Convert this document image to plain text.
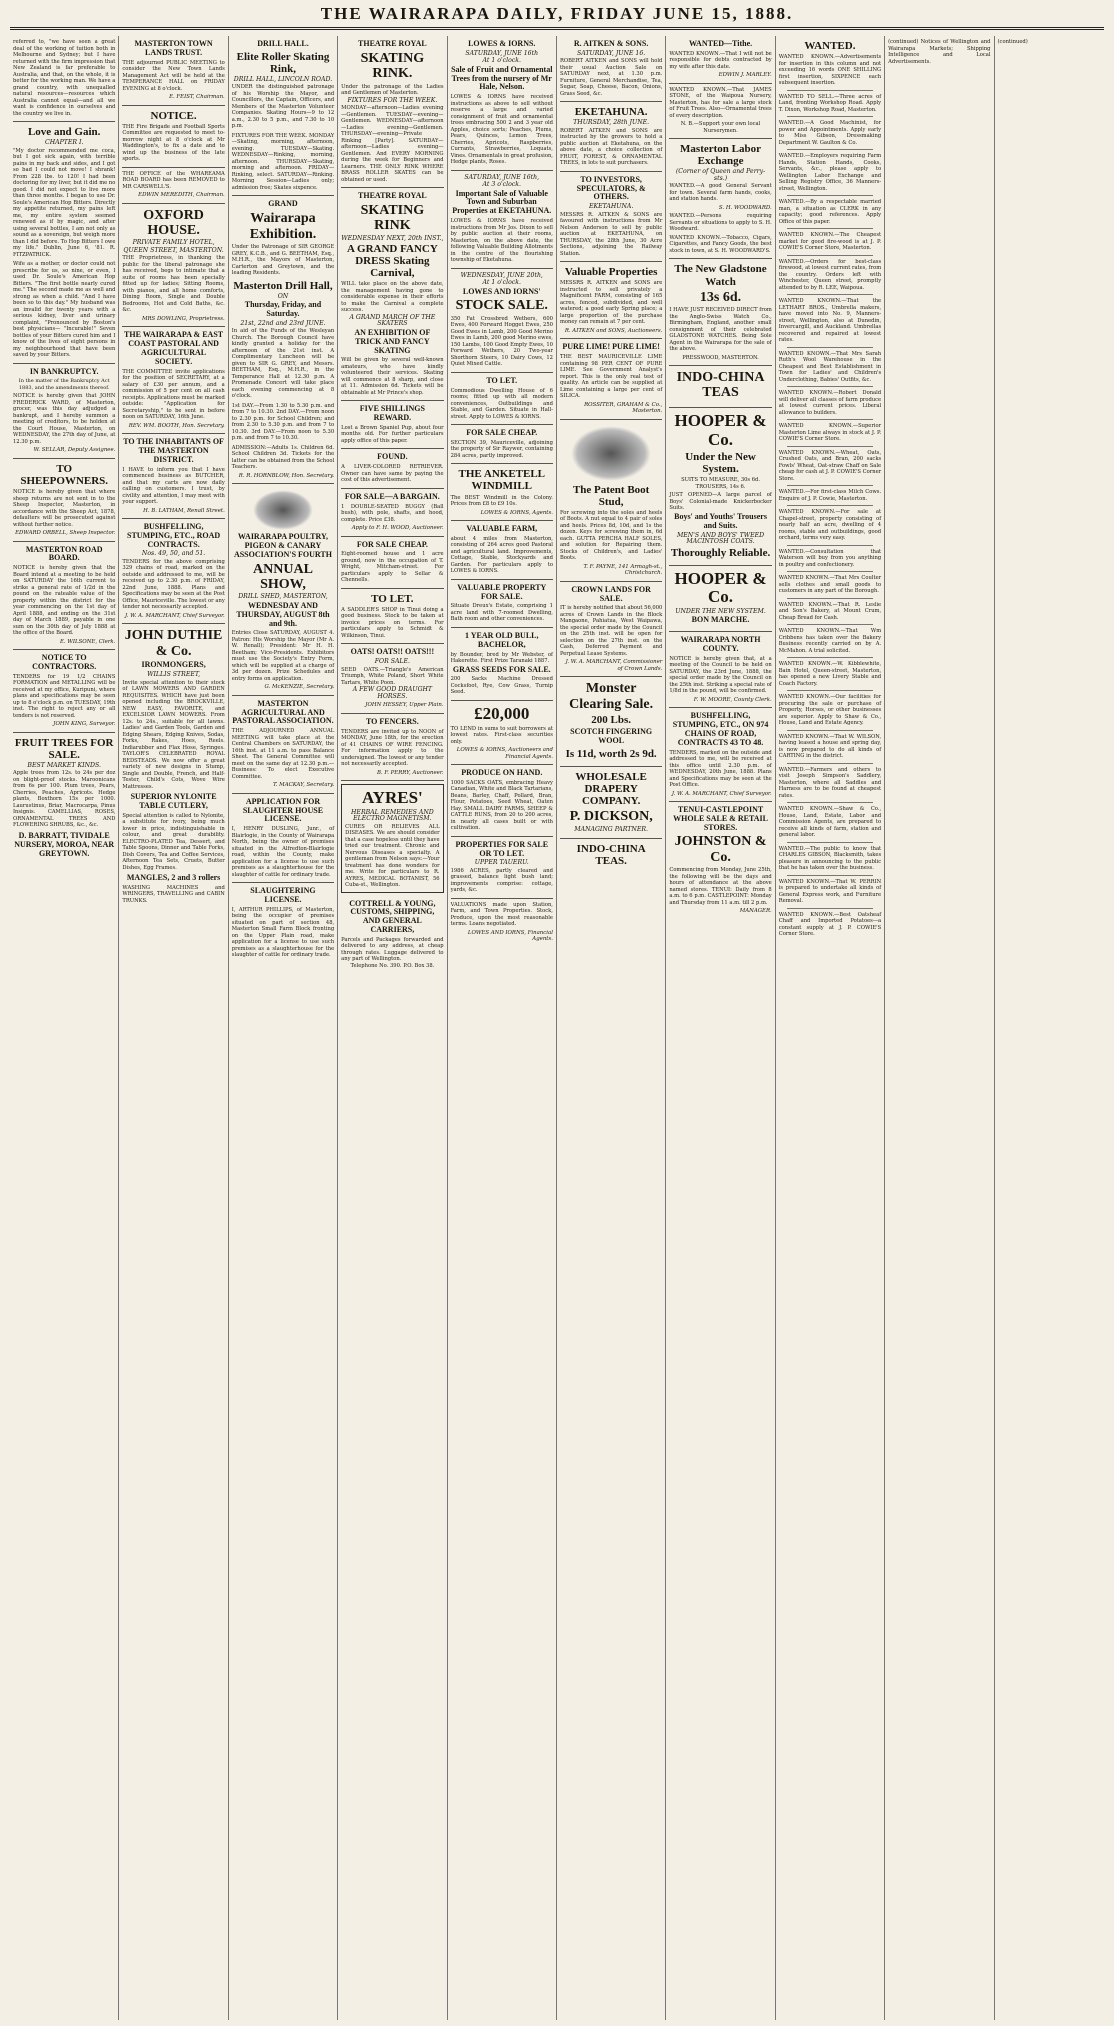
THE WAIRARAPA DAILY, FRIDAY JUNE 15, 1888.
referred to, "we have seen a great deal of the working of tuition both in Melbourne and Sydney; but I have returned with the firm impression that New Zealand is far preferable to Australia, and that, on the whole, it is better for the working man. We have a grand country, with unequalled natural resources—resources which Australia cannot equal—and all we want is confidence in ourselves and the country we live in.
Love and Gain.
CHAPTER I.
"My doctor recommended me coca, but I got sick again, with terrible pains in my back and sides, and I got so bad I could not move! I shrank! From 228 lbs. to 120! I had been doctoring for my liver, but it did me no good. I did not expect to live more than three months. I began to use Dr. Soule's American Hop Bitters. Directly my appetite returned, my pains left me, my entire system seemed renewed as if by magic, and after using several bottles, I am not only as sound as a sovereign, but weigh more than I did before. To Hop Bitters I owe my life." Dublin, June 6, '81. R. FITZPATRICK.
Wife as a mother, or doctor could not prescribe for us, so nine, or even, I used Dr. Soule's American Hop Bitters. "The first bottle nearly cured me." The second made me as well and strong as when a child. "And I have been so to this day." My husband was an invalid for twenty years with a serious kidney, liver and urinary complaint, "Pronounced by Boston's best physicians— "Incurable!" Seven bottles of your Bitters cured him and I know of the lives of eight persons in my neighbourhood that have been saved by your Bitters.
IN BANKRUPTCY.
In the matter of the Bankruptcy Act 1883, and the amendments thereof.
NOTICE is hereby given that JOHN FREDERICK WARD, of Masterton, grocer, was this day adjudged a bankrupt, and I hereby summon a meeting of creditors, to be holden at the Court House, Masterton, on WEDNESDAY, the 27th day of June, at 12.30 p.m.
W. SELLAR, Deputy Assignee.
TO SHEEPOWNERS.
NOTICE is hereby given that where sheep returns are not sent in to the Sheep Inspector, Masterton, in accordance with the Sheep Act, 1878, defaulters will be prosecuted against without further notice.
EDWARD ORBELL, Sheep Inspector.
MASTERTON ROAD BOARD.
NOTICE is hereby given that the Board intend at a meeting to be held on SATURDAY the 16th current to strike a general rate of 1/2d in the pound on the rateable value of the property within the district for the year commencing on the 1st day of April 1888, and ending on the 31st day of March 1889, payable in one sum on the 30th day of July 1888 at the office of the Board.
E. WILSONE, Clerk.
NOTICE TO CONTRACTORS.
TENDERS for 19 1/2 CHAINS FORMATION and METALLING will be received at my office, Kuripuni, where plans and specifications may be seen up to 8 o'clock p.m. on TUESDAY, 19th inst. The right to reject any or all tenders is not reserved.
JOHN KING, Surveyor.
FRUIT TREES FOR SALE.
BEST MARKET KINDS.
Apple trees from 12s. to 24s per doz on blight-proof stocks. Maroonicans from 6s per 100. Plum trees, Pears, Cherries, Peaches, Apricots. Hedge plants, Boxthorn 15s per 1000. Laurustinus, Briar, Macrocarpa, Pinus Insignis. CAMELLIAS, ROSES, ORNAMENTAL TREES AND FLOWERING SHRUBS, &c., &c.
D. BARRATT, TIVIDALE NURSERY, MOROA, NEAR GREYTOWN.
MASTERTON TOWN LANDS TRUST.
THE adjourned PUBLIC MEETING to consider the New Town Lands Management Act will be held at the TEMPERANCE HALL on FRIDAY EVENING at 8 o'clock.
E. FEIST, Chairman.
NOTICE.
THE Fire Brigade and Football Sports Committee are requested to meet to-morrow night at 8 o'clock at Mr Waddington's, to fix a date and to wind up the business of the late sports.
THE OFFICE of the WHAREAMA ROAD BOARD has been REMOVED to MR CARSWELL'S.
EDWIN MEREDITH, Chairman.
OXFORD HOUSE.
PRIVATE FAMILY HOTEL,
QUEEN STREET, MASTERTON.
THE Proprietress, in thanking the public for the liberal patronage she has received, begs to intimate that a suite of rooms has been specially fitted up for ladies; Sitting Rooms, with pianos, and all home comforts, Dining Room, Single and Double Bedrooms, Hot and Cold Baths, &c. &c.
MRS DOWLING, Proprietress.
THE WAIRARAPA & EAST COAST PASTORAL AND AGRICULTURAL SOCIETY.
THE COMMITTEE invite applications for the position of SECRETARY, at a salary of £30 per annum, and a commission of 5 per cent on all cash receipts. Applications must be marked outside: "Application for Secretaryship," to be sent in before noon on SATURDAY, 16th June.
REV. WM. BOOTH, Hon. Secretary.
TO THE INHABITANTS OF THE MASTERTON DISTRICT.
I HAVE to inform you that I have commenced business as BUTCHER, and that my carts are now daily calling on customers. I trust, by civility and attention, I may meet with your support.
H. B. LATHAM, Renall Street.
BUSHFELLING, STUMPING, ETC., ROAD CONTRACTS.
Nos. 49, 50, and 51.
TENDERS for the above comprising 329 chains of road, marked on the outside and addressed to me, will be received up to 2.30 p.m. of FRIDAY, 22nd June, 1888. Plans and Specifications may be seen at the Post Office, Mauriceville. The lowest or any tender not necessarily accepted.
J. W. A. MARCHANT, Chief Surveyor.
JOHN DUTHIE & Co.
IRONMONGERS,
WILLIS STREET,
Invite special attention to their stock of LAWN MOWERS AND GARDEN REQUISITES. WHICH have just been opened including the BROCKVILLE, NEW EASY, FAVORITE, and EXCELSIOR LAWN MOWERS. From 12s. to 24s., suitable for all lawns. Ladies' and Garden Tools, Garden and Edging Shears, Edging Knives, Sodas, Forks, Rakes, Hoes, Reels. Indiarubber and Flax Hose, Syringes. TAYLOR'S CELEBRATED ROYAL BEDSTEADS. We now offer a great variety of new designs in Stump, Single and Double, French, and Half-Tester, Child's Cots, Wove Wire Mattresses.
SUPERIOR NYLONITE TABLE CUTLERY,
Special attention is called to Nylonite, a substitute for ivory, being much lower in price, indistinguishable in colour, and great durability. ELECTRO-PLATED Tea, Dessert, and Table Spoons, Dinner and Table Forks, Dish Covers, Tea and Coffee Services, Afternoon Tea Sets, Cruets, Butter Dishes, Egg Frames.
MANGLES, 2 and 3 rollers
WASHING MACHINES and WRINGERS, TRAVELLING and CABIN TRUNKS.
DRILL HALL.
Elite Roller Skating Rink,
DRILL HALL, LINCOLN ROAD.
UNDER the distinguished patronage of his Worship the Mayor, and Councillors, the Captain, Officers, and Members of the Masterton Volunteer Companies. Skating Hours—9 to 12 a.m., 2.30 to 5 p.m., and 7.30 to 10 p.m.
FIXTURES FOR THE WEEK. MONDAY—Skating, morning, afternoon, evening. TUESDAY—Skating. WEDNESDAY—Rinking, morning, afternoon. THURSDAY—Skating, morning and afternoon. FRIDAY—Rinking, select. SATURDAY—Rinking. Morning Session—Ladies only; admission free; Skates sixpence.
GRAND
Wairarapa Exhibition.
Under the Patronage of SIR GEORGE GREY, K.C.B., and G. BEETHAM, Esq., M.H.R., the Mayors of Masterton, Carterton and Greytown, and the leading Residents.
Masterton Drill Hall,
ON
Thursday, Friday, and Saturday.
21st, 22nd and 23rd JUNE.
In aid of the Funds of the Wesleyan Church. The Borough Council have kindly granted a holiday for the afternoon of the 21st inst. A Complimentary Luncheon will be given to SIR G. GREY, and Messrs. BEETHAM, Esq., M.H.R., in the Temperance Hall at 12.30 p.m. A Promenade Concert will take place each evening commencing at 8 o'clock.
1st DAY.—From 1.30 to 5.30 p.m. and from 7 to 10.30. 2nd DAY.—From noon to 2.30 p.m. for School Children; and from 2.30 to 5.30 p.m. and from 7 to 10.30. 3rd DAY.—From noon to 5.30 p.m. and from 7 to 10.30.
ADMISSION:—Adults 1s. Children 6d. School Children 3d. Tickets for the latter can be obtained from the School Teachers.
R. R. HORNBLOW, Hon. Secretary.
WAIRARAPA POULTRY, PIGEON & CANARY ASSOCIATION'S FOURTH
ANNUAL SHOW,
DRILL SHED, MASTERTON,
WEDNESDAY AND THURSDAY, AUGUST 8th and 9th.
Entries Close SATURDAY, AUGUST 4. Patron: His Worship the Mayor (Mr A. W. Renall); President: Mr H. H. Beetham; Vice-Presidents. Exhibitors must use the Society's Entry Form, which will be supplied at a charge of 3d per dozen. Prize Schedules and entry forms on application.
G. McKENZIE, Secretary.
MASTERTON AGRICULTURAL AND PASTORAL ASSOCIATION.
THE ADJOURNED ANNUAL MEETING will take place at the Central Chambers on SATURDAY, the 16th inst. at 11 a.m. to pass Balance Sheet. The General Committee will meet on the same day at 12.30 p.m.—Business: To elect Executive Committee.
T. MACKAY, Secretary.
APPLICATION FOR SLAUGHTER HOUSE LICENSE.
I, HENRY DUSLING, Junr., of Blairlogie, in the County of Wairarapa North, being the owner of premises situated in the Alfredton-Blairlogie road, within the County, make application for a license to use such premises as a slaughterhouse for the slaughter of cattle for ordinary trade.
SLAUGHTERING LICENSE.
I, ARTHUR PHILLIPS, of Masterton, being the occupier of premises situated on part of section 48, Masterton Small Farm Block fronting on the Upper Plain road, make application for a license to use such premises as a slaughterhouse for the slaughter of cattle for ordinary trade.
THEATRE ROYAL
SKATING RINK.
Under the patronage of the Ladies and Gentlemen of Masterton.
FIXTURES FOR THE WEEK.
MONDAY—afternoon—Ladies evening—Gentlemen. TUESDAY—evening—Gentlemen. WEDNESDAY—afternoon—Ladies evening—Gentlemen. THURSDAY—evening—Private Rinking [Party]. SATURDAY—afternoon—Ladies evening—Gentlemen. And EVERY MORNING during the week for Beginners and Learners. THE ONLY RINK WHERE BRASS ROLLER SKATES can be obtained or used.
THEATRE ROYAL
SKATING RINK
WEDNESDAY NEXT, 20th INST.,
A GRAND FANCY DRESS Skating Carnival,
WILL take place on the above date, the management having gone to considerable expense in their efforts to make the Carnival a complete success.
A GRAND MARCH OF THE SKATERS
AN EXHIBITION OF TRICK AND FANCY SKATING
Will be given by several well-known amateurs, who have kindly volunteered their services. Skating will commence at 8 sharp, and close at 11. Admission 6d. Tickets will be obtainable at Mr Prince's shop.
FIVE SHILLINGS REWARD.
Lost a Brown Spaniel Pup, about four months old. For further particulars apply office of this paper.
FOUND.
A LIVER-COLORED RETRIEVER. Owner can have same by paying the cost of this advertisement.
FOR SALE—A BARGAIN.
1 DOUBLE-SEATED BUGGY (Ball bush), with pole, shafts, and hood, complete. Price £38.
Apply to F. H. WOOD, Auctioneer.
FOR SALE CHEAP.
Eight-roomed house and 1 acre ground, now in the occupation of T. Wright, Mitcham-street. For particulars apply to Sellar & Chennells.
TO LET.
A SADDLER'S SHOP in Tinui doing a good business. Stock to be taken at invoice prices on terms. For particulars apply to Schmidt & Wilkinson, Tinui.
OATS! OATS!! OATS!!!
FOR SALE.
SEED OATS.—Triangle's American Triumph, White Poland, Short White Tartars, White Poon.
A FEW GOOD DRAUGHT HORSES.
JOHN HESSEY, Upper Plain.
TO FENCERS.
TENDERS are invited up to NOON of MONDAY, June 18th, for the erection of 41 CHAINS OF WIRE FENCING. For information apply to the undersigned. The lowest or any tender not necessarily accepted.
B. F. PERRY, Auctioneer.
AYRES'
HERBAL REMEDIES AND ELECTRO MAGNETISM.
CURES OR RELIEVES ALL DISEASES. We are should consider that a case hopeless until they have tried our treatment. Chronic and Nervous Diseases a specialty. A gentleman from Nelson says:—Your treatment has done wonders for me. Write for particulars to R. AYRES, MEDICAL BOTANIST, 56 Cuba-st., Wellington.
COTTRELL & YOUNG, CUSTOMS, SHIPPING, AND GENERAL CARRIERS,
Parcels and Packages forwarded and delivered to any address, at cheap through rates. Luggage delivered to any part of Wellington.
Telephone No. 390. P.O. Box 38.
LOWES & IORNS.
SATURDAY, JUNE 16th
At 1 o'clock.
Sale of Fruit and Ornamental Trees from the nursery of Mr Hale, Nelson.
LOWES & IORNS have received instructions as above to sell without reserve a large and varied consignment of fruit and ornamental trees embracing 500 2 and 3 year old Apples, choice sorts; Peaches, Plums, Pears, Quinces, Lemon Trees, Cherries, Apricots, Raspberries, Currants, Strawberries, Loquats, Vines. Ornamentals in great profusion, Hedge plants, Roses.
SATURDAY, JUNE 16th,
At 3 o'clock.
Important Sale of Valuable Town and Suburban Properties at EKETAHUNA.
LOWES & IORNS have received instructions from Mr Jos. Dixon to sell by public auction at their rooms, Masterton, on the above date, the following Valuable Building Allotments in the centre of the flourishing township of Eketahuna.
WEDNESDAY, JUNE 20th,
At 1 o'clock.
LOWES AND IORNS'
STOCK SALE.
350 Fat Crossbred Wethers, 600 Ewes, 400 Forward Hogget Ewes, 250 Good Ewes in Lamb, 200 Good Merino Ewes in Lamb, 200 good Merino ewes, 150 Lambs, 100 Good Empty Ewes, 10 Forward Wethers, 20 Two-year Shorthorn Steers, 10 Dairy Cows, 12 Quiet Mixed Cattle.
TO LET.
Commodious Dwelling House of 6 rooms; fitted up with all modern conveniences, Outbuildings and Stable, and Garden. Situate in Hall-street. Apply to LOWES & IORNS.
FOR SALE CHEAP.
SECTION 39, Mauriceville, adjoining the property of Sir Raywer, containing 284 acres, partly improved.
THE ANKETELL WINDMILL
The BEST Windmill in the Colony. Prices from £8 to £9 10s.
LOWES & IORNS, Agents.
VALUABLE FARM,
about 4 miles from Masterton, consisting of 264 acres good Pastoral and agricultural land. Improvements, Cottage, Stable, Stockyards and Garden. For particulars apply to LOWES & IORNS.
VALUABLE PROPERTY FOR SALE.
Situate Dreux's Estate, comprising 1 acre land with 7-roomed Dwelling, Bath room and other conveniences.
1 YEAR OLD BULL, BACHELOR,
by Bounder, bred by Mr Webster, of Hakerette. First Prize Taranaki 1887.
GRASS SEEDS FOR SALE.
200 Sacks Machine Dressed Cocksfoot, Rye, Cow Grass, Turnip Seed.
£20,000
TO LEND in sums to suit borrowers at lowest rates. First-class securities only.
LOWES & IORNS, Auctioneers and Financial Agents.
PRODUCE ON HAND.
1000 SACKS OATS, embracing Heavy Canadian, White and Black Tartarians, Beans, Barley, Chaff, Pollard, Bran, Flour, Potatoes, Seed Wheat, Oaten Hay. SMALL DAIRY FARMS, SHEEP & CATTLE RUNS, from 20 to 200 acres, in nearly all cases built or with cultivation.
PROPERTIES FOR SALE OR TO LET.
UPPER TAUERU.
1986 ACRES, partly cleared and grassed, balance light bush land; improvements comprise: cottage, yards, &c.
VALUATIONS made upon Station, Farm, and Town Properties. Stock, Produce, upon the most reasonable terms. Loans negotiated.
LOWES AND IORNS, Financial Agents.
R. AITKEN & SONS.
SATURDAY, JUNE 16.
ROBERT AITKEN and SONS will hold their usual Auction Sale on SATURDAY next, at 1.30 p.m. Furniture, General Merchandise, Tea, Sugar, Soap, Cheese, Bacon, Onions, Grass Seed, &c.
EKETAHUNA.
THURSDAY, 28th JUNE.
ROBERT AITKEN and SONS are instructed by the growers to hold a public auction at Eketahuna, on the above date, a choice collection of FRUIT, FOREST, & ORNAMENTAL TREES, in lots to suit purchasers.
TO INVESTORS, SPECULATORS, & OTHERS.
EKETAHUNA.
MESSRS R. AITKEN & SONS are favoured with instructions from Mr Nelson Anderson to sell by public auction at EKETAHUNA, on THURSDAY, the 28th June, 30 Acre Sections, adjoining the Railway Station.
Valuable Properties
MESSRS R. AITKEN and SONS are instructed to sell privately a Magnificent FARM, consisting of 165 acres, fenced, subdivided, and well watered; a good early Spring place; a large proportion of the purchase money can remain at 7 per cent.
R. AITKEN and SONS, Auctioneers.
PURE LIME! PURE LIME!
THE BEST MAURICEVILLE LIME containing 98 PER CENT OF PURE LIME. See Government Analyst's report. This is the only real test of quality. An article can be supplied at Lime containing a large per cent of SILICA.
ROSSITER, GRAHAM & Co., Masterton.
The Patent Boot Stud,
For screwing into the soles and heels of Boots. A nut equal to 4 pair of soles and heels. Prices 8d, 10d, and 1s the dozen. Keys for screwing them in, 6d each. GUTTA PERCHA HALF SOLES, and solution for Repairing them. Stocks of Children's, and Ladies' Boots.
T. F. PAYNE, 141 Armagh-st., Christchurch.
CROWN LANDS FOR SALE.
IT is hereby notified that about 56,000 acres of Crown Lands in the Block Mangaone, Pahiatua, West Waipawa, the special order made by the Council on the 25th inst. will be open for selection on the 27th inst. on the Cash, Deferred Payment and Perpetual Lease Systems.
J. W. A. MARCHANT, Commissioner of Crown Lands.
Monster Clearing Sale.
200 Lbs.
SCOTCH FINGERING WOOL
Is 11d, worth 2s 9d.
WHOLESALE DRAPERY COMPANY.
P. DICKSON,
MANAGING PARTNER.
INDO-CHINA TEAS.
WANTED—Tithe.
WANTED KNOWN.—That I will not be responsible for debts contracted by my wife after this date.
EDWIN J. MARLEY.
WANTED KNOWN.—That JAMES STONE, of the Waipoua Nursery, Masterton, has for sale a large stock of Fruit Trees. Also—Ornamental trees of every description.
N. B.—Support your own local Nurserymen.
Masterton Labor Exchange
(Corner of Queen and Perry-sts.)
WANTED.—A good General Servant for town. Several farm hands, cooks, and station hands.
S. H. WOODWARD.
WANTED.—Persons requiring Servants or situations to apply to S. H. Woodward.
WANTED KNOWN.—Tobacco, Cigars, Cigarettes, and Fancy Goods, the best stock in town, at S. H. WOODWARD'S.
The New Gladstone Watch
13s 6d.
I HAVE JUST RECEIVED DIRECT from the Anglo-Swiss Watch Co., Birmingham, England, another small consignment of their celebrated GLADSTONE WATCHES. Being Sole Agent in the Wairarapa for the sale of the above.
PRESSWOOD, MASTERTON.
INDO-CHINA TEAS
HOOPER & Co.
Under the New System.
SUITS TO MEASURE, 30s 6d. TROUSERS, 14s 6.
JUST OPENED—A large parcel of Boys' Colonial-made Knickerbocker Suits.
Boys' and Youths' Trousers and Suits.
MEN'S AND BOYS' TWEED MACINTOSH COATS.
Thoroughly Reliable.
HOOPER & Co.
UNDER THE NEW SYSTEM.
BON MARCHE.
WAIRARAPA NORTH COUNTY.
NOTICE is hereby given that, at a meeting of the Council to be held on SATURDAY, the 23rd June, 1888, the special order made by the Council on the 25th inst. Striking a special rate of 1/8d in the pound, will be confirmed.
F. W. MOORE, County Clerk.
BUSHFELLING, STUMPING, ETC., ON 974 CHAINS OF ROAD, CONTRACTS 43 TO 48.
TENDERS, marked on the outside and addressed to me, will be received at this office until 2.30 p.m. of WEDNESDAY, 20th June, 1888. Plans and Specifications may be seen at the Post Office.
J. W. A. MARCHANT, Chief Surveyor.
TENUI-CASTLEPOINT WHOLE SALE & RETAIL STORES.
JOHNSTON & Co.
Commencing from Monday, June 25th, the following will be the days and hours of attendance at the above named stores. TENUI: Daily from 8 a.m. to 6 p.m. CASTLEPOINT: Monday and Thursday from 11 a.m. till 2 p.m.
MANAGER.
WANTED.
WANTED KNOWN.—Advertisements for insertion in this column and not exceeding 16 words ONE SHILLING first insertion, SIXPENCE each subsequent insertion.
WANTED TO SELL.—Three acres of Land, fronting Workshop Road. Apply T. Dixon, Workshop Road, Masterton.
WANTED.—A Good Machinist, for power and Appointments. Apply early to Miss Gibson, Dressmaking Department W. Gaulton & Co.
WANTED.—Employers requiring Farm Hands, Station Hands, Cooks, Servants, &c., please apply to Wellington Labor Exchange and Selling Registry Office, 36 Manners-street, Wellington.
WANTED.—By a respectable married man, a situation as CLERK in any capacity; good references. Apply Office of this paper.
WANTED KNOWN.—The Cheapest market for good fire-wood is at J. P. COWIE'S Corner Store, Masterton.
WANTED.—Orders for best-class firewood, at lowest current rates, from the country. Orders left with Winchester, Queen street, promptly attended to by R. LEE, Waipoua.
WANTED KNOWN.—That the LETHART BROS., Umbrella makers, have moved into No. 9, Manners-street, Wellington, also at Dunedin, Invercargill, and Auckland. Umbrellas recovered and repaired at lowest rates.
WANTED KNOWN.—That Mrs Sarah Ruth's Wool Warehouse in the Cheapest and Best Establishment in Town for Ladies' and Children's Underclothing, Babies' Outfits, &c.
WANTED KNOWN.—Robert Donald will deliver all classes of farm produce at lowest current prices. Liberal allowance to builders.
WANTED KNOWN.—Superior Masterton Lime always in stock at J. P. COWIE'S Corner Store.
WANTED KNOWN.—Wheat, Oats, Crushed Oats, and Bran, 200 sacks Fowls' Wheat, Oat-straw Chaff on Sale cheap for cash at J. P. COWIE'S Corner Store.
WANTED.—For first-class Milch Cows. Enquire of J. P. Cowie, Masterton.
WANTED KNOWN.—For sale at Chapel-street, property consisting of nearly half an acre, dwelling of 4 rooms, stable and outbuildings, good orchard, terms very easy.
WANTED.—Consultation that Waterson will buy from you anything in poultry and confectionery.
WANTED KNOWN.—That Mrs Coulter sells clothes and small goods to customers in any part of the Borough.
WANTED KNOWN.—That R. Leslie and Son's Bakery, at Mount Crum, Cheap Bread for Cash.
WANTED KNOWN.—That Wm Cribbens has taken over the Bakery Business recently carried on by A. McMahon. A trial solicited.
WANTED KNOWN.—W. Kibblewhite, Bain Hotel, Queen-street, Masterton, has opened a new Livery Stable and Coach Factory.
WANTED KNOWN.—Our facilities for procuring the sale or purchase of Property, Horses, or other businesses are superior. Apply to Shaw & Co., House, Land and Estate Agency.
WANTED KNOWN.—That W. WILSON, having leased a house and spring day, is now prepared to do all kinds of CARTING in the district.
WANTED.—Farmers and others to visit Joseph Simpson's Saddlery, Masterton, where all Saddles and Harness are to be found at cheapest rates.
WANTED KNOWN.—Shaw & Co., House, Land, Estate, Labor and Commission Agents, are prepared to receive all kinds of farm, station and general labor.
WANTED.—The public to know that CHARLES GIBSON, Blacksmith, takes pleasure in announcing to the public that he has taken over the business.
WANTED KNOWN.—That W. PERRIN is prepared to undertake all kinds of General Express work, and Furniture Removal.
WANTED KNOWN.—Best Oatsheaf Chaff and Imported Potatoes—a constant supply at J. P. COWIE'S Corner Store.
(continued) Notices of Wellington and Wairarapa Markets; Shipping Intelligence and Local Advertisements.
(continued)
